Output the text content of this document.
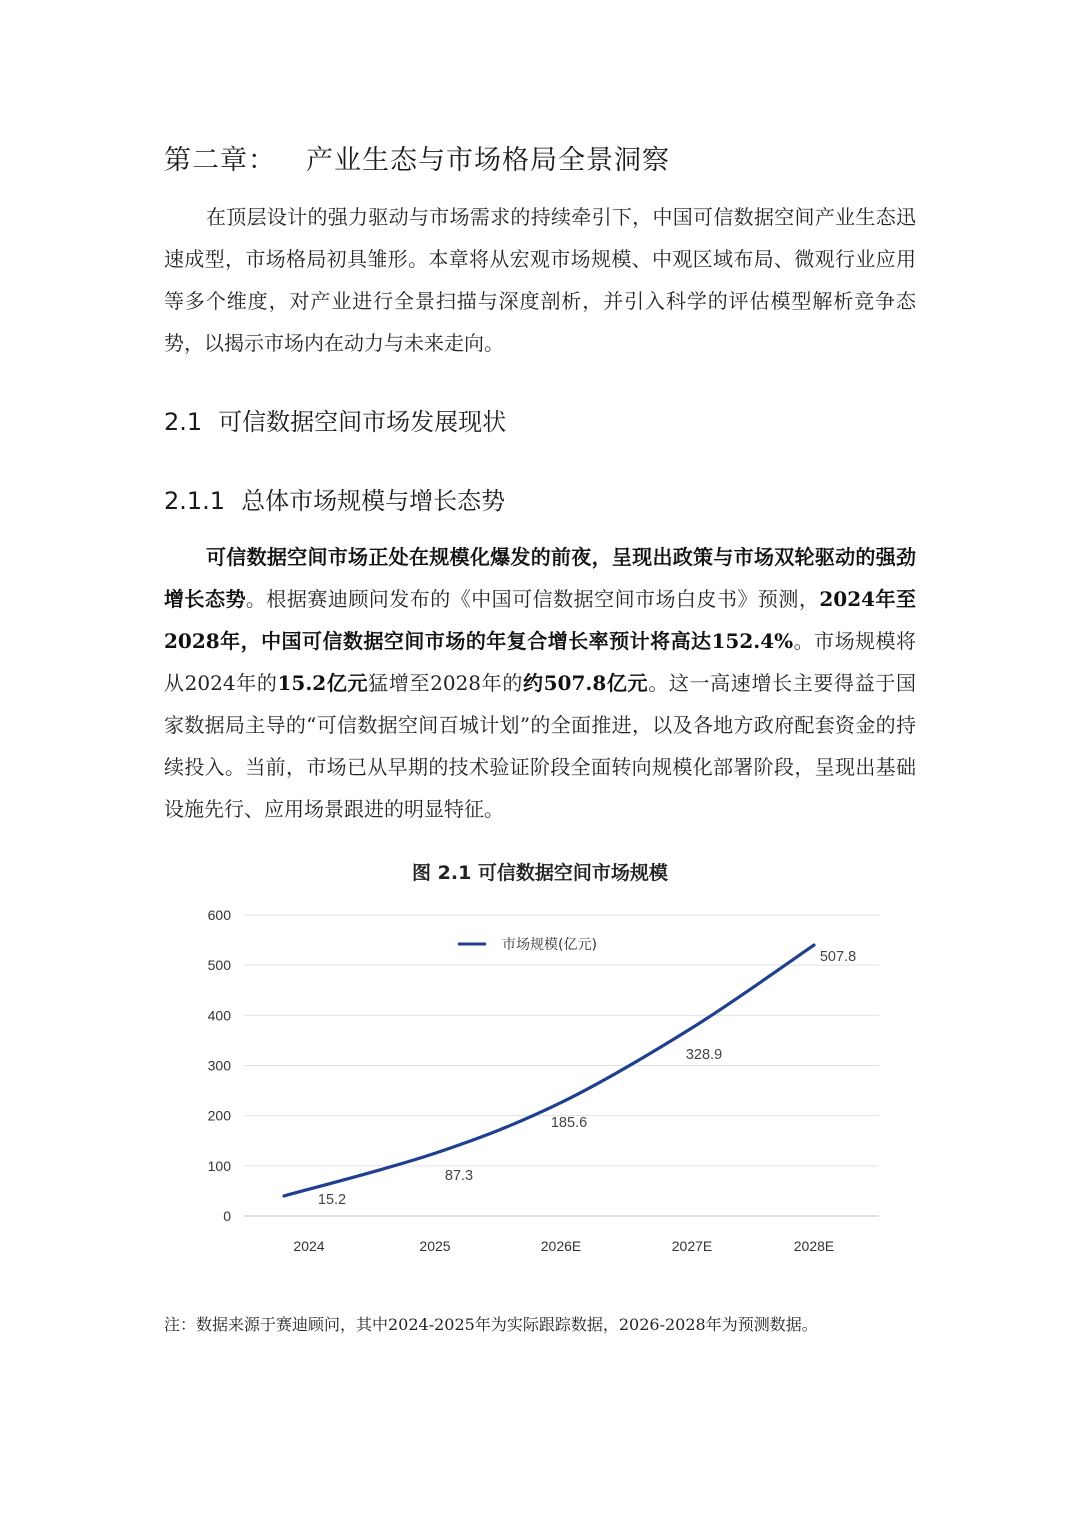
第二章： 产业生态与市场格局全景洞察

在顶层设计的强力驱动与市场需求的持续牵引下，中国可信数据空间产业生态迅速成型，市场格局初具雏形。本章将从宏观市场规模、中观区域布局、微观行业应用等多个维度，对产业进行全景扫描与深度剖析，并引入科学的评估模型解析竞争态势，以揭示市场内在动力与未来走向。

2.1 可信数据空间市场发展现状
2.1.1 总体市场规模与增长态势

可信数据空间市场正处在规模化爆发的前夜，呈现出政策与市场双轮驱动的强劲增长态势。根据赛迪顾问发布的《中国可信数据空间市场白皮书》预测，2024年至2028年，中国可信数据空间市场的年复合增长率预计将高达152.4%。市场规模将从2024年的15.2亿元猛增至2028年的约507.8亿元。这一高速增长主要得益于国家数据局主导的“可信数据空间百城计划”的全面推进，以及各地方政府配套资金的持续投入。当前，市场已从早期的技术验证阶段全面转向规模化部署阶段，呈现出基础设施先行、应用场景跟进的明显特征。

图 2.1 可信数据空间市场规模

0
100
200
300
400
500
600
2024	2025	2026E	2027E	2028E
15.2
87.3
185.6
328.9
507.8
市场规模(亿元)

注：数据来源于赛迪顾问，其中2024-2025年为实际跟踪数据，2026-2028年为预测数据。
